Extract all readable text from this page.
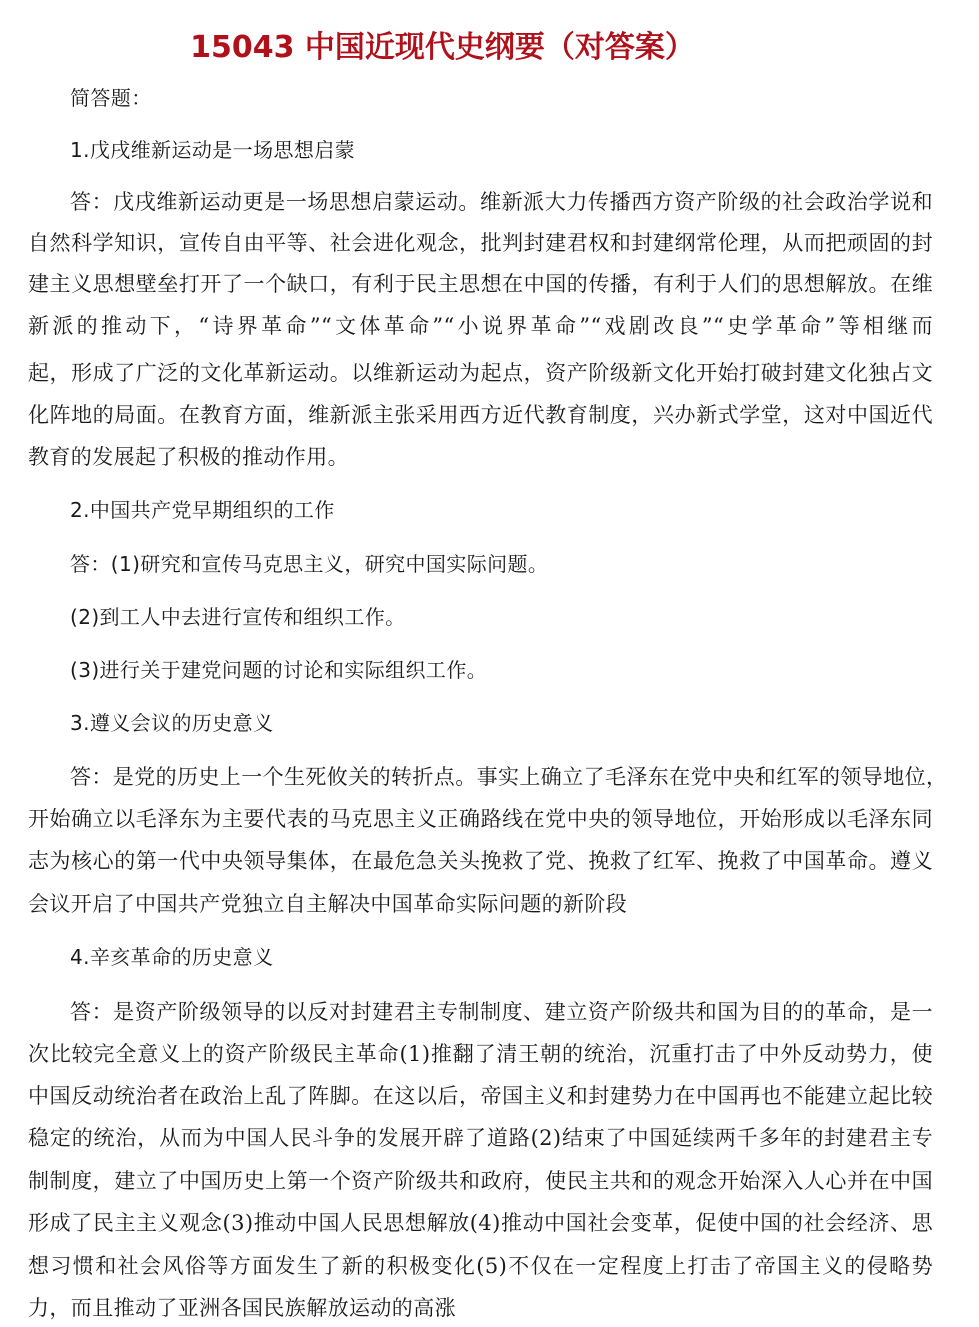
15043 中国近现代史纲要（对答案）
简答题：
1.戊戌维新运动是一场思想启蒙
答：戊戌维新运动更是一场思想启蒙运动。维新派大力传播西方资产阶级的社会政治学说和
自然科学知识，宣传自由平等、社会进化观念，批判封建君权和封建纲常伦理，从而把顽固的封
建主义思想壁垒打开了一个缺口，有利于民主思想在中国的传播，有利于人们的思想解放。在维
新派的推动下，“诗界革命”“文体革命”“小说界革命”“戏剧改良”“史学革命”等相继而
起，形成了广泛的文化革新运动。以维新运动为起点，资产阶级新文化开始打破封建文化独占文
化阵地的局面。在教育方面，维新派主张采用西方近代教育制度，兴办新式学堂，这对中国近代
教育的发展起了积极的推动作用。
2.中国共产党早期组织的工作
答：(1)研究和宣传马克思主义，研究中国实际问题。
(2)到工人中去进行宣传和组织工作。
(3)进行关于建党问题的讨论和实际组织工作。
3.遵义会议的历史意义
答：是党的历史上一个生死攸关的转折点。事实上确立了毛泽东在党中央和红军的领导地位，
开始确立以毛泽东为主要代表的马克思主义正确路线在党中央的领导地位，开始形成以毛泽东同
志为核心的第一代中央领导集体，在最危急关头挽救了党、挽救了红军、挽救了中国革命。遵义
会议开启了中国共产党独立自主解决中国革命实际问题的新阶段
4.辛亥革命的历史意义
答：是资产阶级领导的以反对封建君主专制制度、建立资产阶级共和国为目的的革命，是一
次比较完全意义上的资产阶级民主革命(1)推翻了清王朝的统治，沉重打击了中外反动势力，使
中国反动统治者在政治上乱了阵脚。在这以后，帝国主义和封建势力在中国再也不能建立起比较
稳定的统治，从而为中国人民斗争的发展开辟了道路(2)结束了中国延续两千多年的封建君主专
制制度，建立了中国历史上第一个资产阶级共和政府，使民主共和的观念开始深入人心并在中国
形成了民主主义观念(3)推动中国人民思想解放(4)推动中国社会变革，促使中国的社会经济、思
想习惯和社会风俗等方面发生了新的积极变化(5)不仅在一定程度上打击了帝国主义的侵略势
力，而且推动了亚洲各国民族解放运动的高涨
